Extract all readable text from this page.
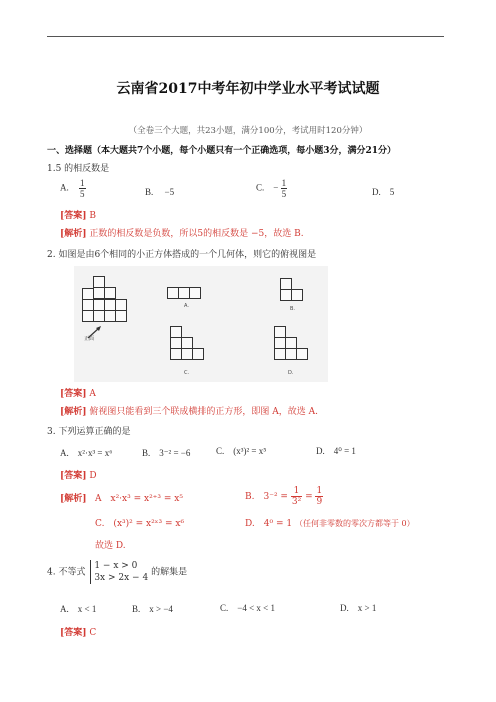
云南省2017中考年初中学业水平考试试题
（全卷三个大题，共23小题，满分100分，考试用时120分钟）
一、选择题（本大题共7个小题，每个小题只有一个正确选项，每小题3分，满分21分）
1.5 的相反数是
A. $\frac{1}{5}$	B.　 −5	C.　− $\frac{1}{5}$	D.　5
[答案] B
[解析] 正数的相反数是负数，所以5的相反数是 −5，故选 B.
2. 如图是由6个相同的小正方体搭成的一个几何体，则它的俯视图是
正面
A.	B.
C.	D.
[答案] A
[解析] 俯视图只能看到三个联成横排的正方形，即图 A，故选 A.
3. 下列运算正确的是
A.　x²·x³ = x⁶	B.　3⁻² = −6	C.　(x³)² = x⁵	D.　4⁰ = 1
[答案] D
[解析] A　x²·x³ = x²⁺³ = x⁵	B.　$3^{-2} = \frac{1}{\text{3²}} = \frac{1}{9}$
C.　(x³)² = x²ˣ³ = x⁶	D.　4⁰ = 1 （任何非零数的零次方都等于 0）
故选 D.
4. 不等式
1 − x > 0
3x > 2x − 4
的解集是
A.　x < 1	B.　x > −4	C.　−4 < x < 1	D.　x > 1
[答案] C
